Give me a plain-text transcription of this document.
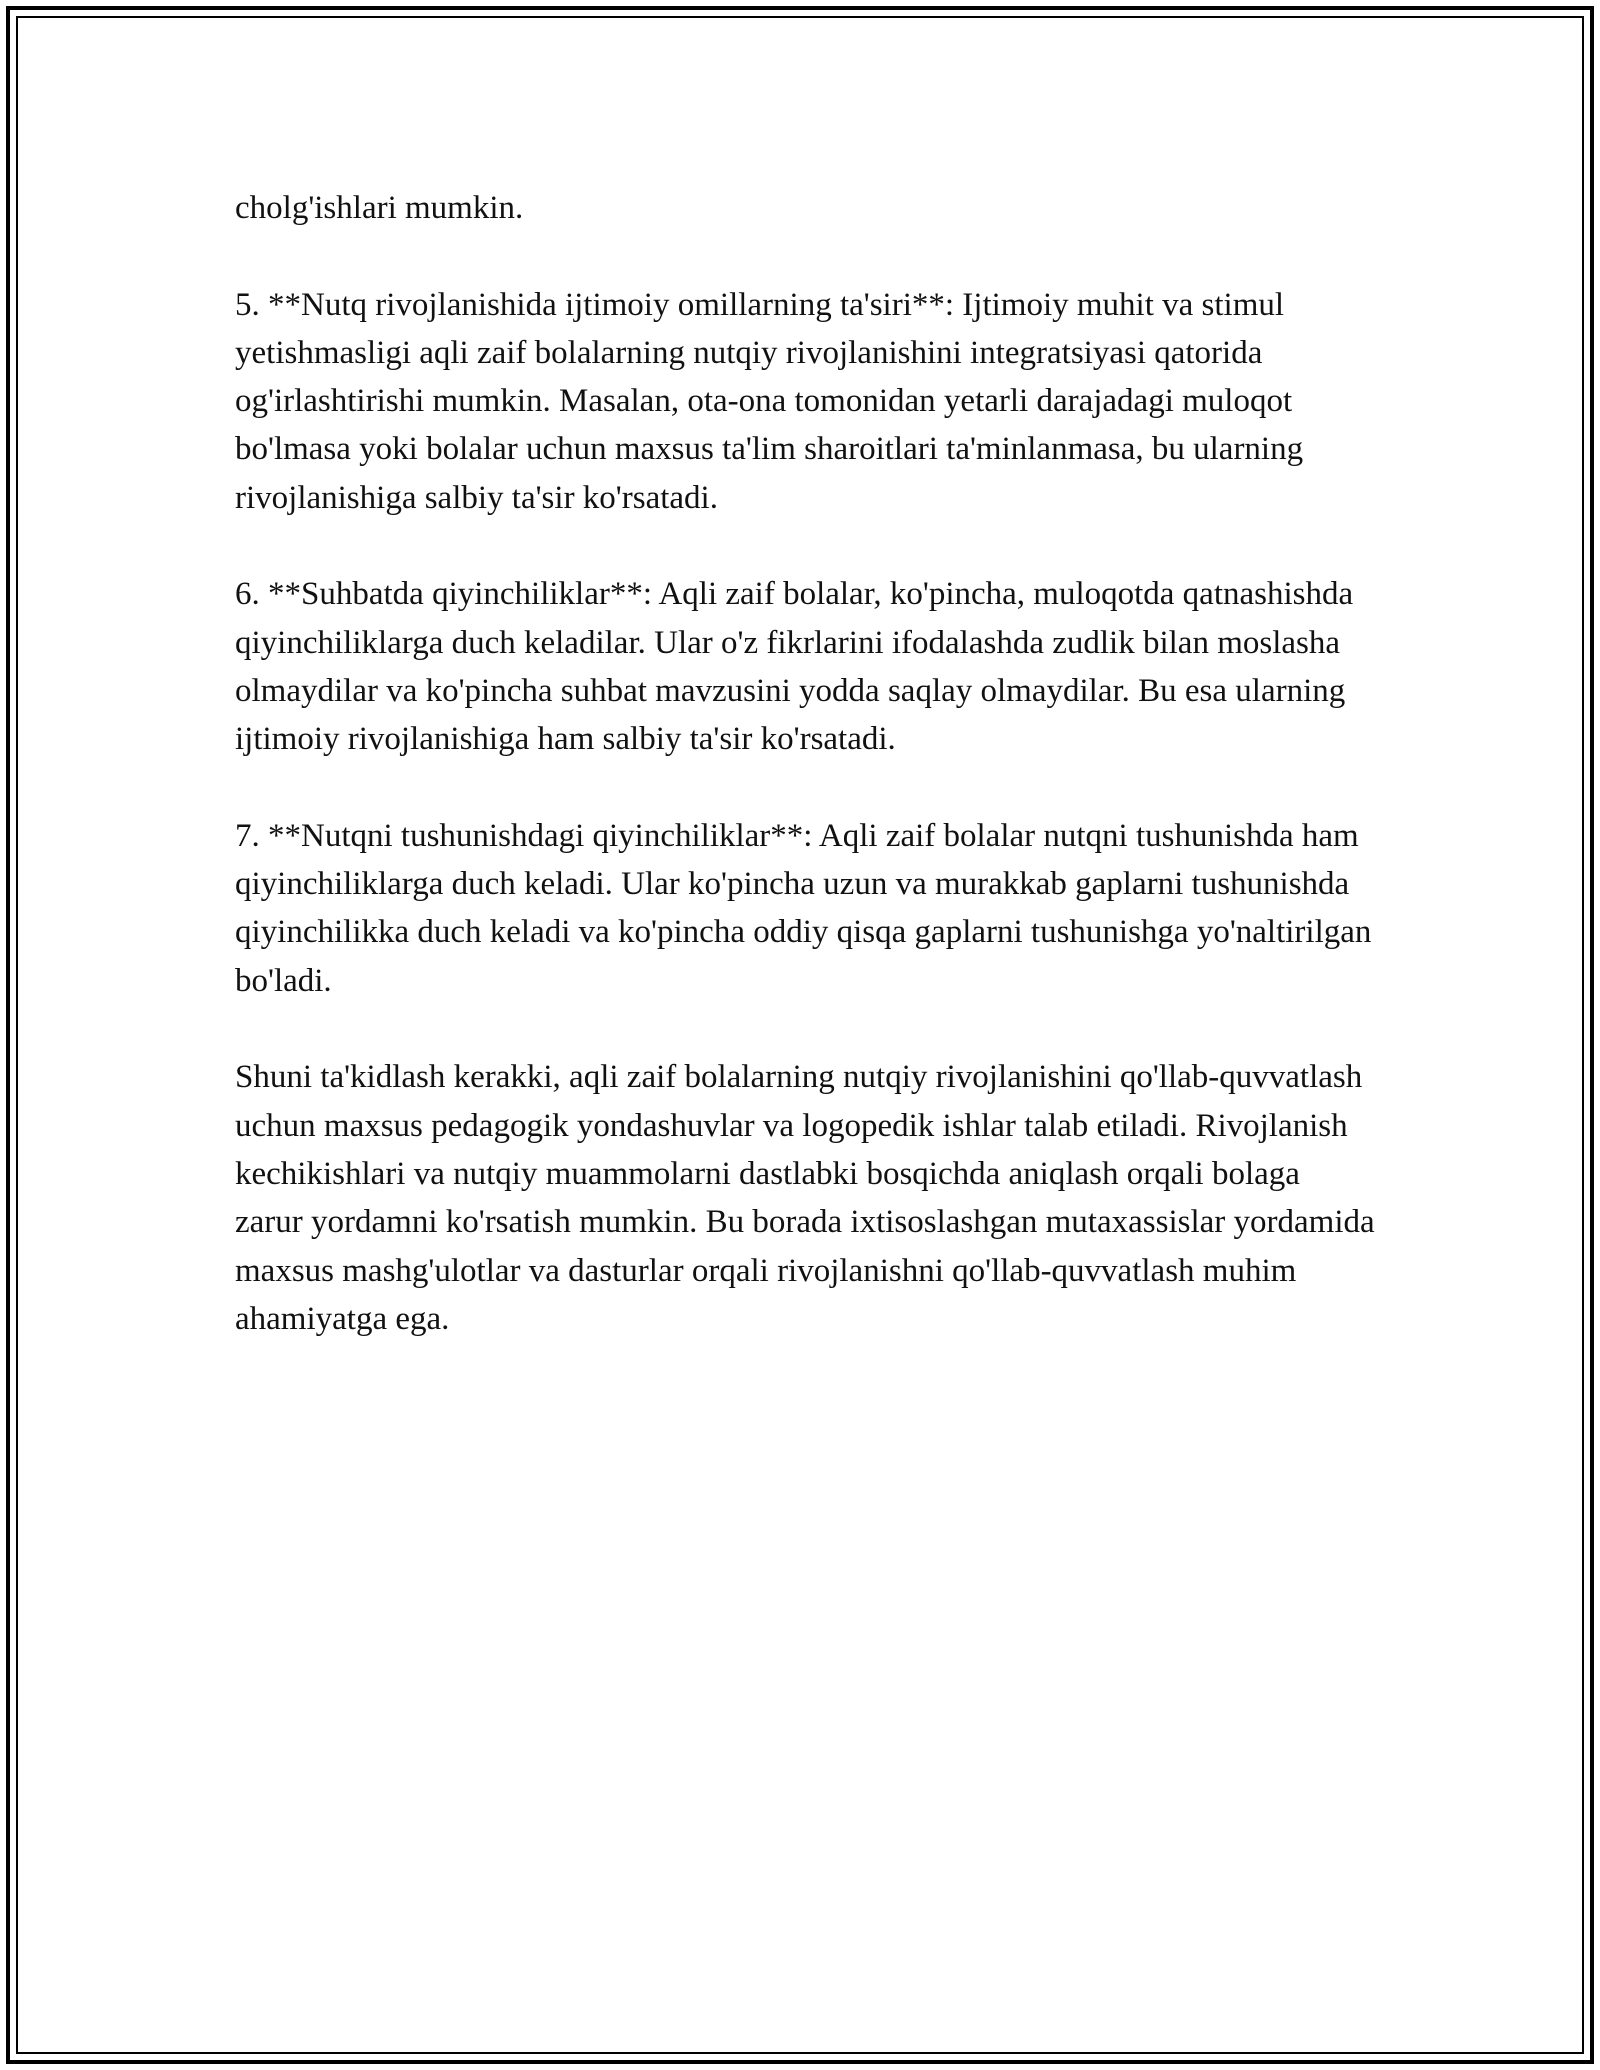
cholg'ishlari mumkin.

5. **Nutq rivojlanishida ijtimoiy omillarning ta'siri**: Ijtimoiy muhit va stimul yetishmasligi aqli zaif bolalarning nutqiy rivojlanishini integratsiyasi qatorida og'irlashtirishi mumkin. Masalan, ota-ona tomonidan yetarli darajadagi muloqot bo'lmasa yoki bolalar uchun maxsus ta'lim sharoitlari ta'minlanmasa, bu ularning rivojlanishiga salbiy ta'sir ko'rsatadi.

6. **Suhbatda qiyinchiliklar**: Aqli zaif bolalar, ko'pincha, muloqotda qatnashishda qiyinchiliklarga duch keladilar. Ular o'z fikrlarini ifodalashda zudlik bilan moslasha olmaydilar va ko'pincha suhbat mavzusini yodda saqlay olmaydilar. Bu esa ularning ijtimoiy rivojlanishiga ham salbiy ta'sir ko'rsatadi.

7. **Nutqni tushunishdagi qiyinchiliklar**: Aqli zaif bolalar nutqni tushunishda ham qiyinchiliklarga duch keladi. Ular ko'pincha uzun va murakkab gaplarni tushunishda qiyinchilikka duch keladi va ko'pincha oddiy qisqa gaplarni tushunishga yo'naltirilgan bo'ladi.

Shuni ta'kidlash kerakki, aqli zaif bolalarning nutqiy rivojlanishini qo'llab-quvvatlash uchun maxsus pedagogik yondashuvlar va logopedik ishlar talab etiladi. Rivojlanish kechikishlari va nutqiy muammolarni dastlabki bosqichda aniqlash orqali bolaga zarur yordamni ko'rsatish mumkin. Bu borada ixtisoslashgan mutaxassislar yordamida maxsus mashg'ulotlar va dasturlar orqali rivojlanishni qo'llab-quvvatlash muhim ahamiyatga ega.
